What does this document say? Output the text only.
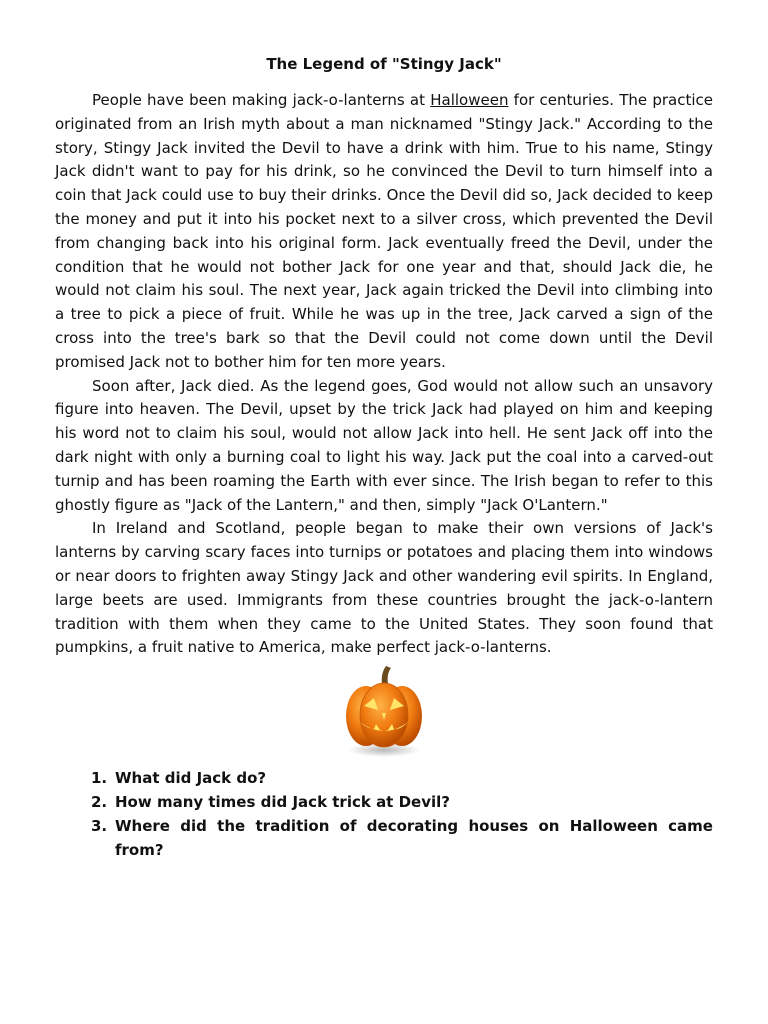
The Legend of "Stingy Jack"

People have been making jack-o-lanterns at Halloween for centuries. The practice originated from an Irish myth about a man nicknamed "Stingy Jack." According to the story, Stingy Jack invited the Devil to have a drink with him. True to his name, Stingy Jack didn't want to pay for his drink, so he convinced the Devil to turn himself into a coin that Jack could use to buy their drinks. Once the Devil did so, Jack decided to keep the money and put it into his pocket next to a silver cross, which prevented the Devil from changing back into his original form. Jack eventually freed the Devil, under the condition that he would not bother Jack for one year and that, should Jack die, he would not claim his soul. The next year, Jack again tricked the Devil into climbing into a tree to pick a piece of fruit. While he was up in the tree, Jack carved a sign of the cross into the tree's bark so that the Devil could not come down until the Devil promised Jack not to bother him for ten more years.

Soon after, Jack died. As the legend goes, God would not allow such an unsavory figure into heaven. The Devil, upset by the trick Jack had played on him and keeping his word not to claim his soul, would not allow Jack into hell. He sent Jack off into the dark night with only a burning coal to light his way. Jack put the coal into a carved-out turnip and has been roaming the Earth with ever since. The Irish began to refer to this ghostly figure as "Jack of the Lantern," and then, simply "Jack O'Lantern."

In Ireland and Scotland, people began to make their own versions of Jack's lanterns by carving scary faces into turnips or potatoes and placing them into windows or near doors to frighten away Stingy Jack and other wandering evil spirits. In England, large beets are used. Immigrants from these countries brought the jack-o-lantern tradition with them when they came to the United States. They soon found that pumpkins, a fruit native to America, make perfect jack-o-lanterns.

1. What did Jack do?
2. How many times did Jack trick at Devil?
3. Where did the tradition of decorating houses on Halloween came from?
